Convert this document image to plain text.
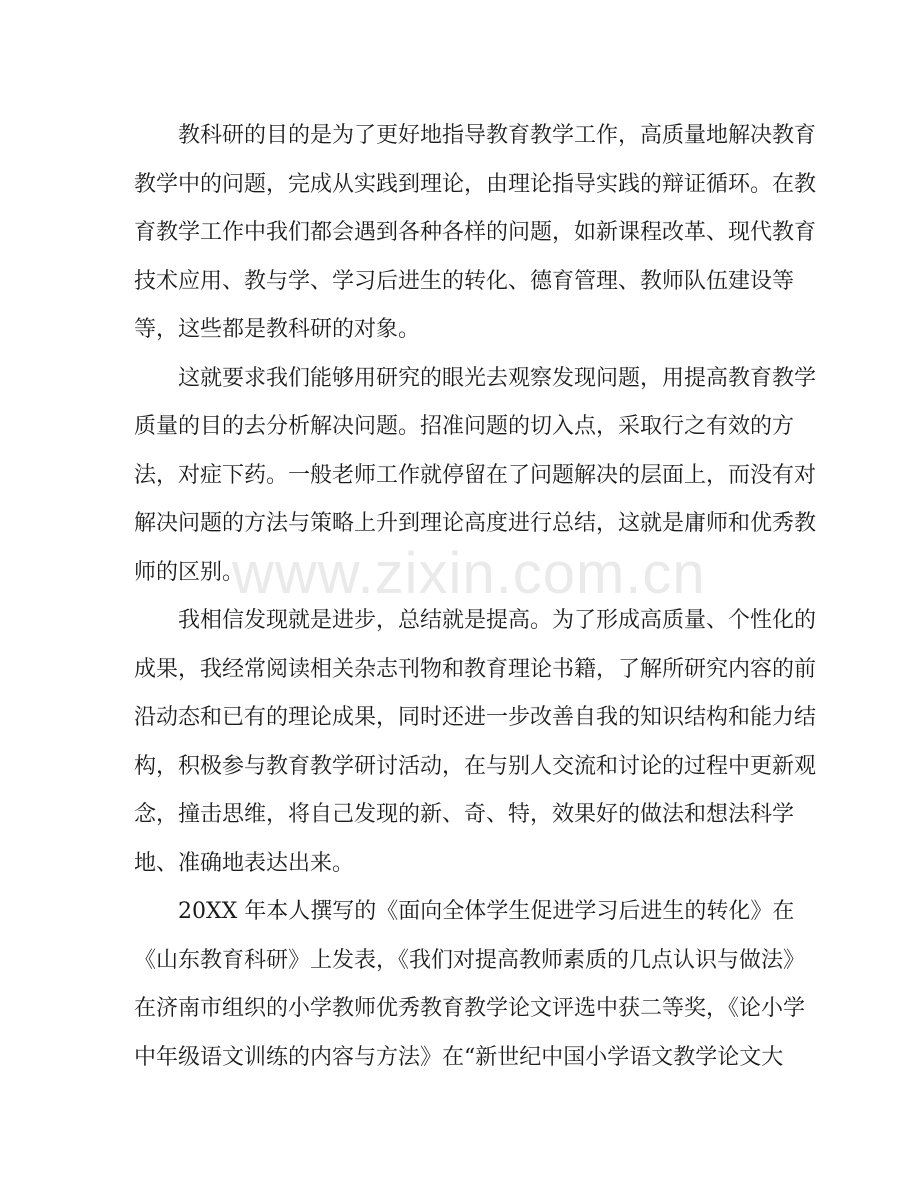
　　教科研的目的是为了更好地指导教育教学工作，高质量地解决教育
教学中的问题，完成从实践到理论，由理论指导实践的辩证循环。在教
育教学工作中我们都会遇到各种各样的问题，如新课程改革、现代教育
技术应用、教与学、学习后进生的转化、德育管理、教师队伍建设等
等，这些都是教科研的对象。
　　这就要求我们能够用研究的眼光去观察发现问题，用提高教育教学
质量的目的去分析解决问题。招准问题的切入点，采取行之有效的方
法，对症下药。一般老师工作就停留在了问题解决的层面上，而没有对
解决问题的方法与策略上升到理论高度进行总结，这就是庸师和优秀教
师的区别。
　　我相信发现就是进步，总结就是提高。为了形成高质量、个性化的
成果，我经常阅读相关杂志刊物和教育理论书籍，了解所研究内容的前
沿动态和已有的理论成果，同时还进一步改善自我的知识结构和能力结
构，积极参与教育教学研讨活动，在与别人交流和讨论的过程中更新观
念，撞击思维，将自己发现的新、奇、特，效果好的做法和想法科学
地、准确地表达出来。
　　20XX 年本人撰写的《面向全体学生促进学习后进生的转化》在
《山东教育科研》上发表，《我们对提高教师素质的几点认识与做法》
在济南市组织的小学教师优秀教育教学论文评选中获二等奖，《论小学
中年级语文训练的内容与方法》在“新世纪中国小学语文教学论文大
www.zixin.com.cn
